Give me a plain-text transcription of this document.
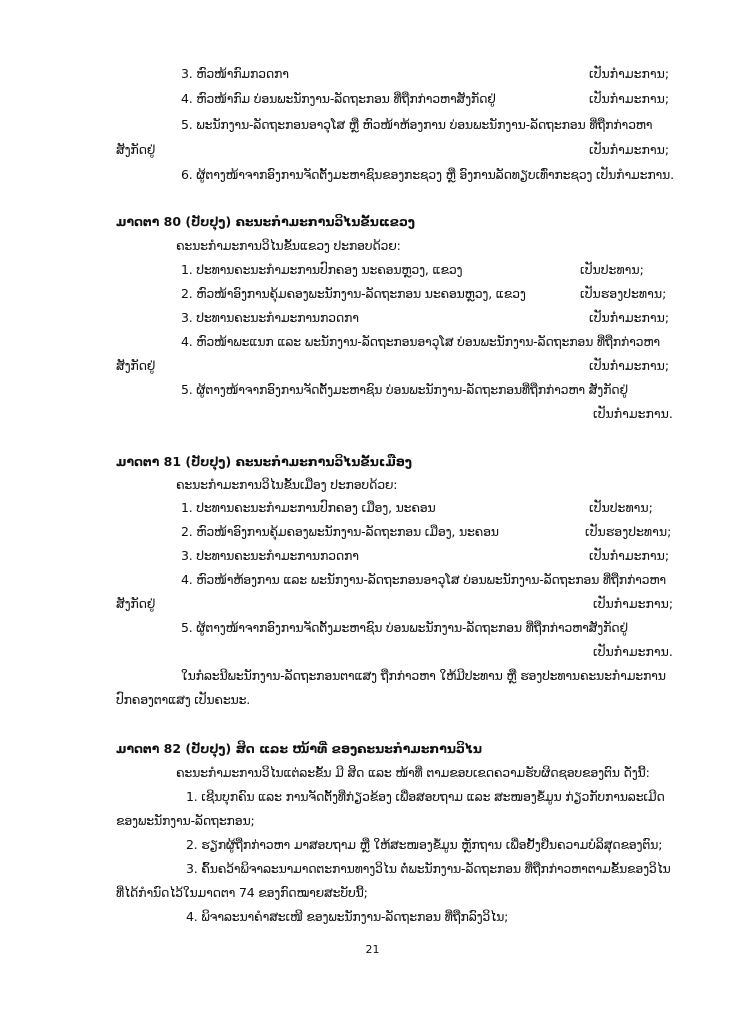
3. ຫົວໜ້າກົມກວດກາ	ເປັນກຳມະການ;
4. ຫົວໜ້າກົມ ບ່ອນພະນັກງານ-ລັດຖະກອນ ທີ່ຖືກກ່າວຫາສັງກັດຢູ່	ເປັນກຳມະການ;
5. ພະນັກງານ-ລັດຖະກອນອາວຸໂສ ຫຼື ຫົວໜ້າຫ້ອງການ ບ່ອນພະນັກງານ-ລັດຖະກອນ ທີ່ຖືກກ່າວຫາ
ສັງກັດຢູ່	ເປັນກຳມະການ;
6. ຜູ້ຕາງໜ້າຈາກອົງການຈັດຕັ້ງມະຫາຊົນຂອງກະຊວງ ຫຼື ອົງການລັດທຽບເທົ່າກະຊວງ ເປັນກຳມະການ.
ມາດຕາ 80 (ປັບປຸງ) ຄະນະກຳມະການວິໄນຂັ້ນແຂວງ
ຄະນະກຳມະການວິໄນຂັ້ນແຂວງ ປະກອບດ້ວຍ:
1. ປະທານຄະນະກຳມະການປົກຄອງ ນະຄອນຫຼວງ, ແຂວງ	ເປັນປະທານ;
2. ຫົວໜ້າອົງການຄຸ້ມຄອງພະນັກງານ-ລັດຖະກອນ ນະຄອນຫຼວງ, ແຂວງ	ເປັນຮອງປະທານ;
3. ປະທານຄະນະກຳມະການກວດກາ	ເປັນກຳມະການ;
4. ຫົວໜ້າພະແນກ ແລະ ພະນັກງານ-ລັດຖະກອນອາວຸໂສ ບ່ອນພະນັກງານ-ລັດຖະກອນ ທີ່ຖືກກ່າວຫາ
ສັງກັດຢູ່	ເປັນກຳມະການ;
5. ຜູ້ຕາງໜ້າຈາກອົງການຈັດຕັ້ງມະຫາຊົນ ບ່ອນພະນັກງານ-ລັດຖະກອນທີ່ຖືກກ່າວຫາ ສັງກັດຢູ່
ເປັນກຳມະການ.
ມາດຕາ 81 (ປັບປຸງ) ຄະນະກຳມະການວິໄນຂັ້ນເມືອງ
ຄະນະກຳມະການວິໄນຂັ້ນເມືອງ ປະກອບດ້ວຍ:
1. ປະທານຄະນະກຳມະການປົກຄອງ ເມືອງ, ນະຄອນ	ເປັນປະທານ;
2. ຫົວໜ້າອົງການຄຸ້ມຄອງພະນັກງານ-ລັດຖະກອນ ເມືອງ, ນະຄອນ	ເປັນຮອງປະທານ;
3. ປະທານຄະນະກຳມະການກວດກາ	ເປັນກຳມະການ;
4. ຫົວໜ້າຫ້ອງການ ແລະ ພະນັກງານ-ລັດຖະກອນອາວຸໂສ ບ່ອນພະນັກງານ-ລັດຖະກອນ ທີ່ຖືກກ່າວຫາ
ສັງກັດຢູ່	ເປັນກຳມະການ;
5. ຜູ້ຕາງໜ້າຈາກອົງການຈັດຕັ້ງມະຫາຊົນ ບ່ອນພະນັກງານ-ລັດຖະກອນ ທີ່ຖືກກ່າວຫາສັງກັດຢູ່
ເປັນກຳມະການ.
ໃນກໍລະນີພະນັກງານ-ລັດຖະກອນຕາແສງ ຖືກກ່າວຫາ ໃຫ້ມີປະທານ ຫຼື ຮອງປະທານຄະນະກຳມະການ
ປົກຄອງຕາແສງ ເປັນຄະນະ.
ມາດຕາ 82 (ປັບປຸງ) ສິດ ແລະ ໜ້າທີ່ ຂອງຄະນະກຳມະການວິໄນ
ຄະນະກຳມະການວິໄນແຕ່ລະຂັ້ນ ມີ ສິດ ແລະ ໜ້າທີ່ ຕາມຂອບເຂດຄວາມຮັບຜິດຊອບຂອງຕົນ ດັ່ງນີ້:
1. ເຊີນບຸກຄົນ ແລະ ການຈັດຕັ້ງທີ່ກ່ຽວຂ້ອງ ເພື່ອສອບຖາມ ແລະ ສະໜອງຂໍ້ມູນ ກ່ຽວກັບການລະເມີດ
ຂອງພະນັກງານ-ລັດຖະກອນ;
2. ຮຽກຜູ້ຖືກກ່າວຫາ ມາສອບຖາມ ຫຼື ໃຫ້ສະໜອງຂໍ້ມູນ ຫຼັກຖານ ເພື່ອຢັ້ງຢືນຄວາມບໍລິສຸດຂອງຕົນ;
3. ຄົ້ນຄວ້າພິຈາລະນາມາດຕະການທາງວິໄນ ຕໍ່ພະນັກງານ-ລັດຖະກອນ ທີ່ຖືກກ່າວຫາຕາມຂັ້ນຂອງວິໄນ
ທີ່ໄດ້ກຳນົດໄວ້ໃນມາດຕາ 74 ຂອງກົດໝາຍສະບັບນີ້;
4. ພິຈາລະນາຄຳສະເໜີ ຂອງພະນັກງານ-ລັດຖະກອນ ທີ່ຖືກລົງວິໄນ;
21
